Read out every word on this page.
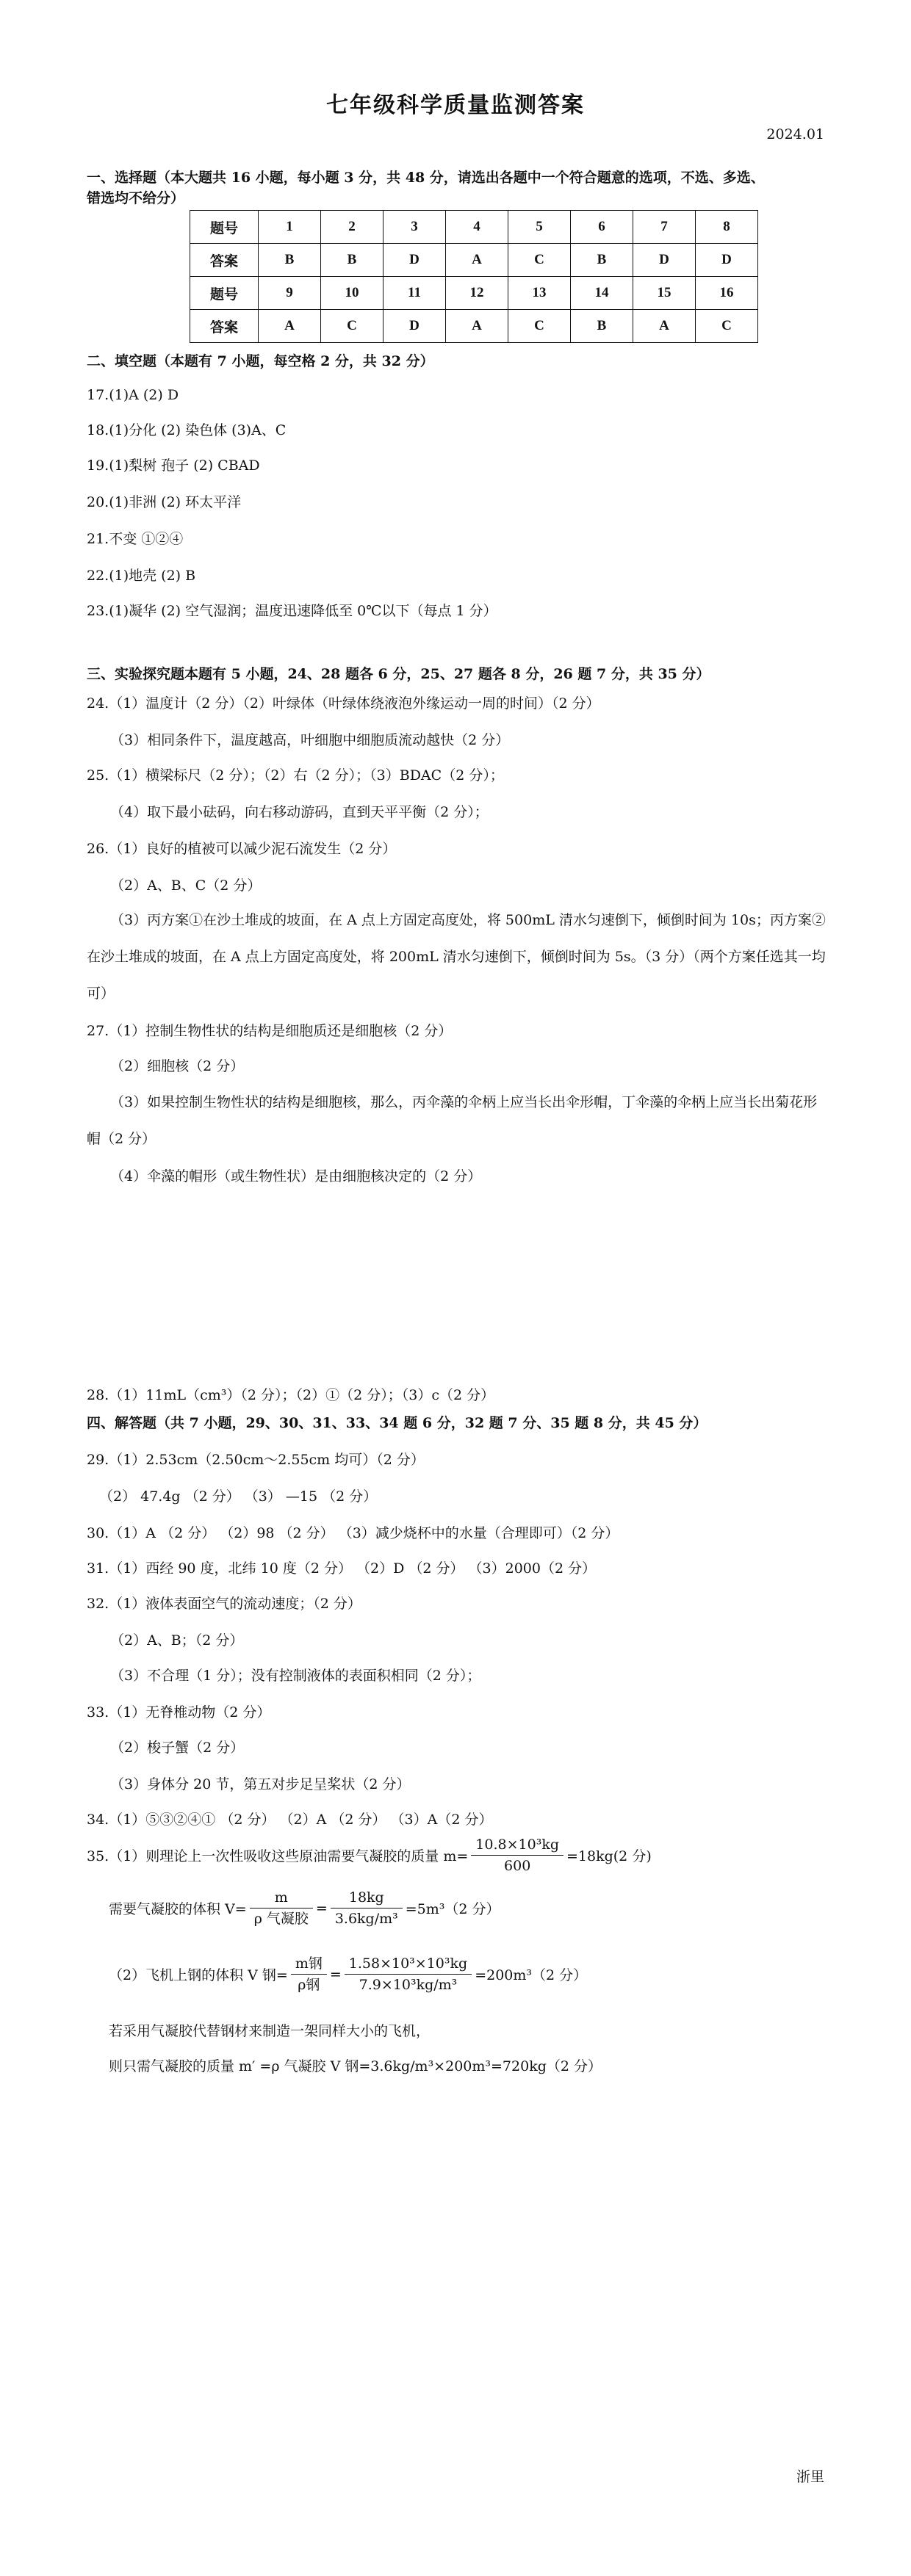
七年级科学质量监测答案
2024.01
一、选择题（本大题共 16 小题，每小题 3 分，共 48 分，请选出各题中一个符合题意的选项，不选、多选、
错选均不给分）
题号	1	2	3	4	5	6	7	8
答案	B	B	D	A	C	B	D	D
题号	9	10	11	12	13	14	15	16
答案	A	C	D	A	C	B	A	C
二、填空题（本题有 7 小题，每空格 2 分，共 32 分）
17.(1)A (2) D
18.(1)分化 (2) 染色体 (3)A、C
19.(1)梨树 孢子 (2) CBAD
20.(1)非洲 (2) 环太平洋
21.不变 ①②④
22.(1)地壳 (2) B
23.(1)凝华 (2) 空气湿润；温度迅速降低至 0℃以下（每点 1 分）
三、实验探究题本题有 5 小题，24、28 题各 6 分，25、27 题各 8 分，26 题 7 分，共 35 分）
24.（1）温度计（2 分）（2）叶绿体（叶绿体绕液泡外缘运动一周的时间）（2 分）
（3）相同条件下，温度越高，叶细胞中细胞质流动越快（2 分）
25.（1）横梁标尺（2 分）；（2）右（2 分）；（3）BDAC（2 分）；
（4）取下最小砝码，向右移动游码，直到天平平衡（2 分）；
26.（1）良好的植被可以减少泥石流发生（2 分）
（2）A、B、C（2 分）
（3）丙方案①在沙土堆成的坡面，在 A 点上方固定高度处，将 500mL 清水匀速倒下，倾倒时间为 10s；丙方案②在沙土堆成的坡面，在 A 点上方固定高度处，将 200mL 清水匀速倒下，倾倒时间为 5s。（3 分）（两个方案任选其一均可）
27.（1）控制生物性状的结构是细胞质还是细胞核（2 分）
（2）细胞核（2 分）
（3）如果控制生物性状的结构是细胞核，那么，丙伞藻的伞柄上应当长出伞形帽，丁伞藻的伞柄上应当长出菊花形帽（2 分）
（4）伞藻的帽形（或生物性状）是由细胞核决定的（2 分）
28.（1）11mL（cm³）（2 分）；（2）①（2 分）；（3）c（2 分）
四、解答题（共 7 小题，29、30、31、33、34 题 6 分，32 题 7 分、35 题 8 分，共 45 分）
29.（1）2.53cm（2.50cm～2.55cm 均可）（2 分）
（2） 47.4g （2 分） （3） —15 （2 分）
30.（1）A （2 分） （2）98 （2 分） （3）减少烧杯中的水量（合理即可）（2 分）
31.（1）西经 90 度，北纬 10 度（2 分） （2）D （2 分） （3）2000（2 分）
32.（1）液体表面空气的流动速度；（2 分）
（2）A、B；（2 分）
（3）不合理（1 分）；没有控制液体的表面积相同（2 分）；
33.（1）无脊椎动物（2 分）
（2）梭子蟹（2 分）
（3）身体分 20 节，第五对步足呈桨状（2 分）
34.（1）⑤③②④① （2 分） （2）A （2 分） （3）A（2 分）
35.（1）则理论上一次性吸收这些原油需要气凝胶的质量 $m= \frac{\text{10.8×10³kg}}{600} =18kg(2$ 分)
需要气凝胶的体积 $V= \frac{m}{\text{ρ 气凝胶}} = \frac{18kg}{\text{3.6kg/m³}} =5m^3(2$ 分）
（2）飞机上钢的体积 V 钢= $\frac{\text{m钢}}{\text{ρ钢}} = \frac{\text{1.58×10³×10³kg}}{\text{7.9×10³kg/m³}} =200m^3(2$ 分）
若采用气凝胶代替钢材来制造一架同样大小的飞机，
则只需气凝胶的质量 m′ =ρ 气凝胶 V 钢=3.6kg/m³×200m³=720kg（2 分）
浙里
